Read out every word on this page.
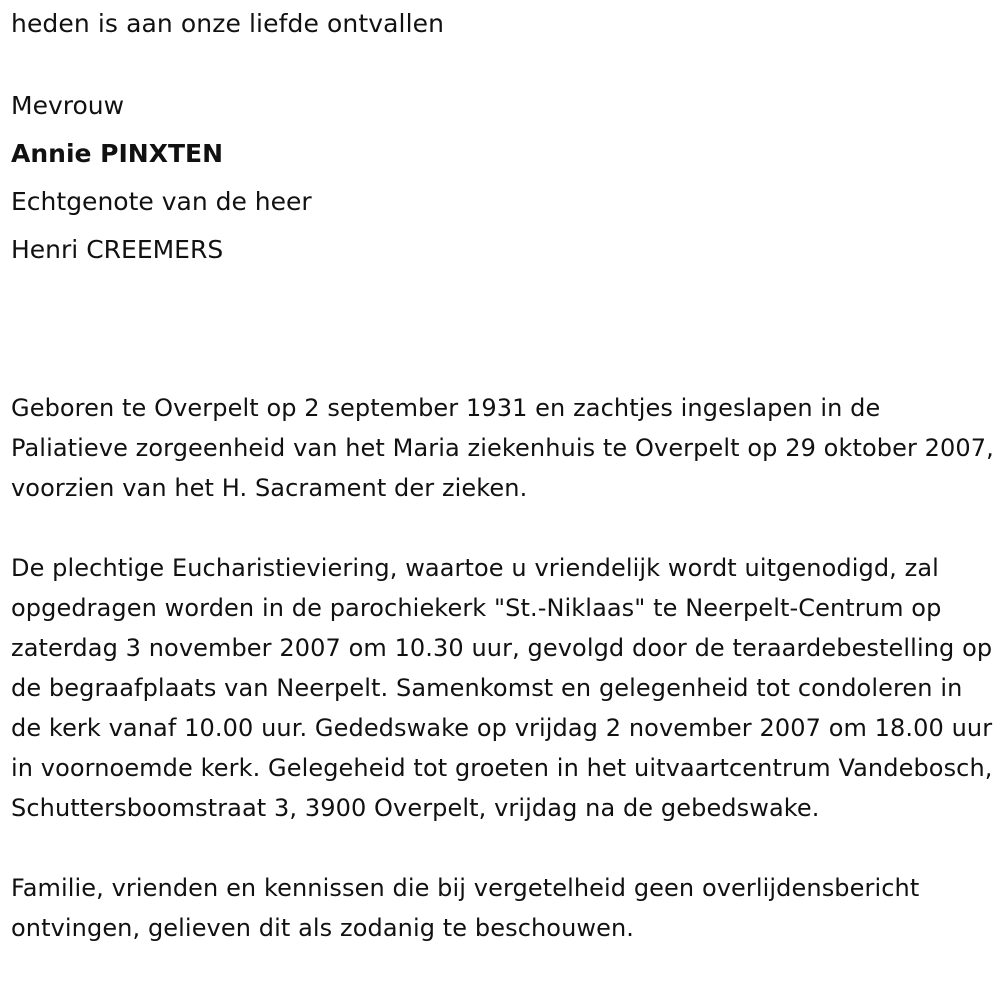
heden is aan onze liefde ontvallen

Mevrouw
Annie PINXTEN
Echtgenote van de heer
Henri CREEMERS

Geboren te Overpelt op 2 september 1931 en zachtjes ingeslapen in de Paliatieve zorgeenheid van het Maria ziekenhuis te Overpelt op 29 oktober 2007, voorzien van het H. Sacrament der zieken.

De plechtige Eucharistieviering, waartoe u vriendelijk wordt uitgenodigd, zal opgedragen worden in de parochiekerk "St.-Niklaas" te Neerpelt-Centrum op zaterdag 3 november 2007 om 10.30 uur, gevolgd door de teraardebestelling op de begraafplaats van Neerpelt. Samenkomst en gelegenheid tot condoleren in de kerk vanaf 10.00 uur. Gededswake op vrijdag 2 november 2007 om 18.00 uur in voornoemde kerk. Gelegeheid tot groeten in het uitvaartcentrum Vandebosch, Schuttersboomstraat 3, 3900 Overpelt, vrijdag na de gebedswake.

Familie, vrienden en kennissen die bij vergetelheid geen overlijdensbericht ontvingen, gelieven dit als zodanig te beschouwen.
